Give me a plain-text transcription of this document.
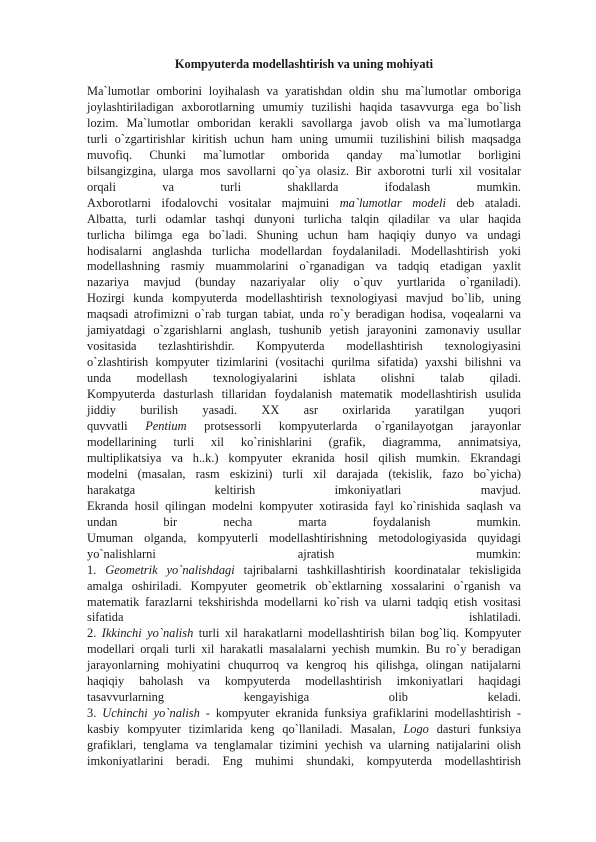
Kompyuterda modellashtirish va uning mohiyati

Ma`lumotlar omborini loyihalash va yaratishdan oldin shu ma`lumotlar omboriga
joylashtiriladigan axborotlarning umumiy tuzilishi haqida tasavvurga ega bo`lish
lozim. Ma`lumotlar omboridan kerakli savollarga javob olish va ma`lumotlarga
turli o`zgartirishlar kiritish uchun ham uning umumii tuzilishini bilish maqsadga
muvofiq. Chunki ma`lumotlar omborida qanday ma`lumotlar borligini
bilsangizgina, ularga mos savollarni qo`ya olasiz. Bir axborotni turli xil vositalar
orqali va turli shakllarda ifodalash mumkin.
Axborotlarni ifodalovchi vositalar majmuini ma`lumotlar modeli deb ataladi.
Albatta, turli odamlar tashqi dunyoni turlicha talqin qiladilar va ular haqida
turlicha bilimga ega bo`ladi. Shuning uchun ham haqiqiy dunyo va undagi
hodisalarni anglashda turlicha modellardan foydalaniladi. Modellashtirish yoki
modellashning rasmiy muammolarini o`rganadigan va tadqiq etadigan yaxlit
nazariya mavjud (bunday nazariyalar oliy o`quv yurtlarida o`rganiladi).
Hozirgi kunda kompyuterda modellashtirish texnologiyasi mavjud bo`lib, uning
maqsadi atrofimizni o`rab turgan tabiat, unda ro`y beradigan hodisa, voqealarni va
jamiyatdagi o`zgarishlarni anglash, tushunib yetish jarayonini zamonaviy usullar
vositasida tezlashtirishdir. Kompyuterda modellashtirish texnologiyasini
o`zlashtirish kompyuter tizimlarini (vositachi qurilma sifatida) yaxshi bilishni va
unda modellash texnologiyalarini ishlata olishni talab qiladi.
Kompyuterda dasturlash tillaridan foydalanish matematik modellashtirish usulida
jiddiy burilish yasadi. XX asr oxirlarida yaratilgan yuqori
quvvatli Pentium protsessorli kompyuterlarda o`rganilayotgan jarayonlar
modellarining turli xil ko`rinishlarini (grafik, diagramma, annimatsiya,
multiplikatsiya va h..k.) kompyuter ekranida hosil qilish mumkin. Ekrandagi
modelni (masalan, rasm eskizini) turli xil darajada (tekislik, fazo bo`yicha)
harakatga keltirish imkoniyatlari mavjud.
Ekranda hosil qilingan modelni kompyuter xotirasida fayl ko`rinishida saqlash va
undan bir necha marta foydalanish mumkin.
Umuman olganda, kompyuterli modellashtirishning metodologiyasida quyidagi
yo`nalishlarni ajratish mumkin:
1. Geometrik yo`nalishdagi tajribalarni tashkillashtirish koordinatalar tekisligida
amalga oshiriladi. Kompyuter geometrik ob`ektlarning xossalarini o`rganish va
matematik farazlarni tekshirishda modellarni ko`rish va ularni tadqiq etish vositasi
sifatida ishlatiladi.
2. Ikkinchi yo`nalish turli xil harakatlarni modellashtirish bilan bog`liq. Kompyuter
modellari orqali turli xil harakatli masalalarni yechish mumkin. Bu ro`y beradigan
jarayonlarning mohiyatini chuqurroq va kengroq his qilishga, olingan natijalarni
haqiqiy baholash va kompyuterda modellashtirish imkoniyatlari haqidagi
tasavvurlarning kengayishiga olib keladi.
3. Uchinchi yo`nalish - kompyuter ekranida funksiya grafiklarini modellashtirish -
kasbiy kompyuter tizimlarida keng qo`llaniladi. Masalan, Logo dasturi funksiya
grafiklari, tenglama va tenglamalar tizimini yechish va ularning natijalarini olish
imkoniyatlarini beradi. Eng muhimi shundaki, kompyuterda modellashtirish
